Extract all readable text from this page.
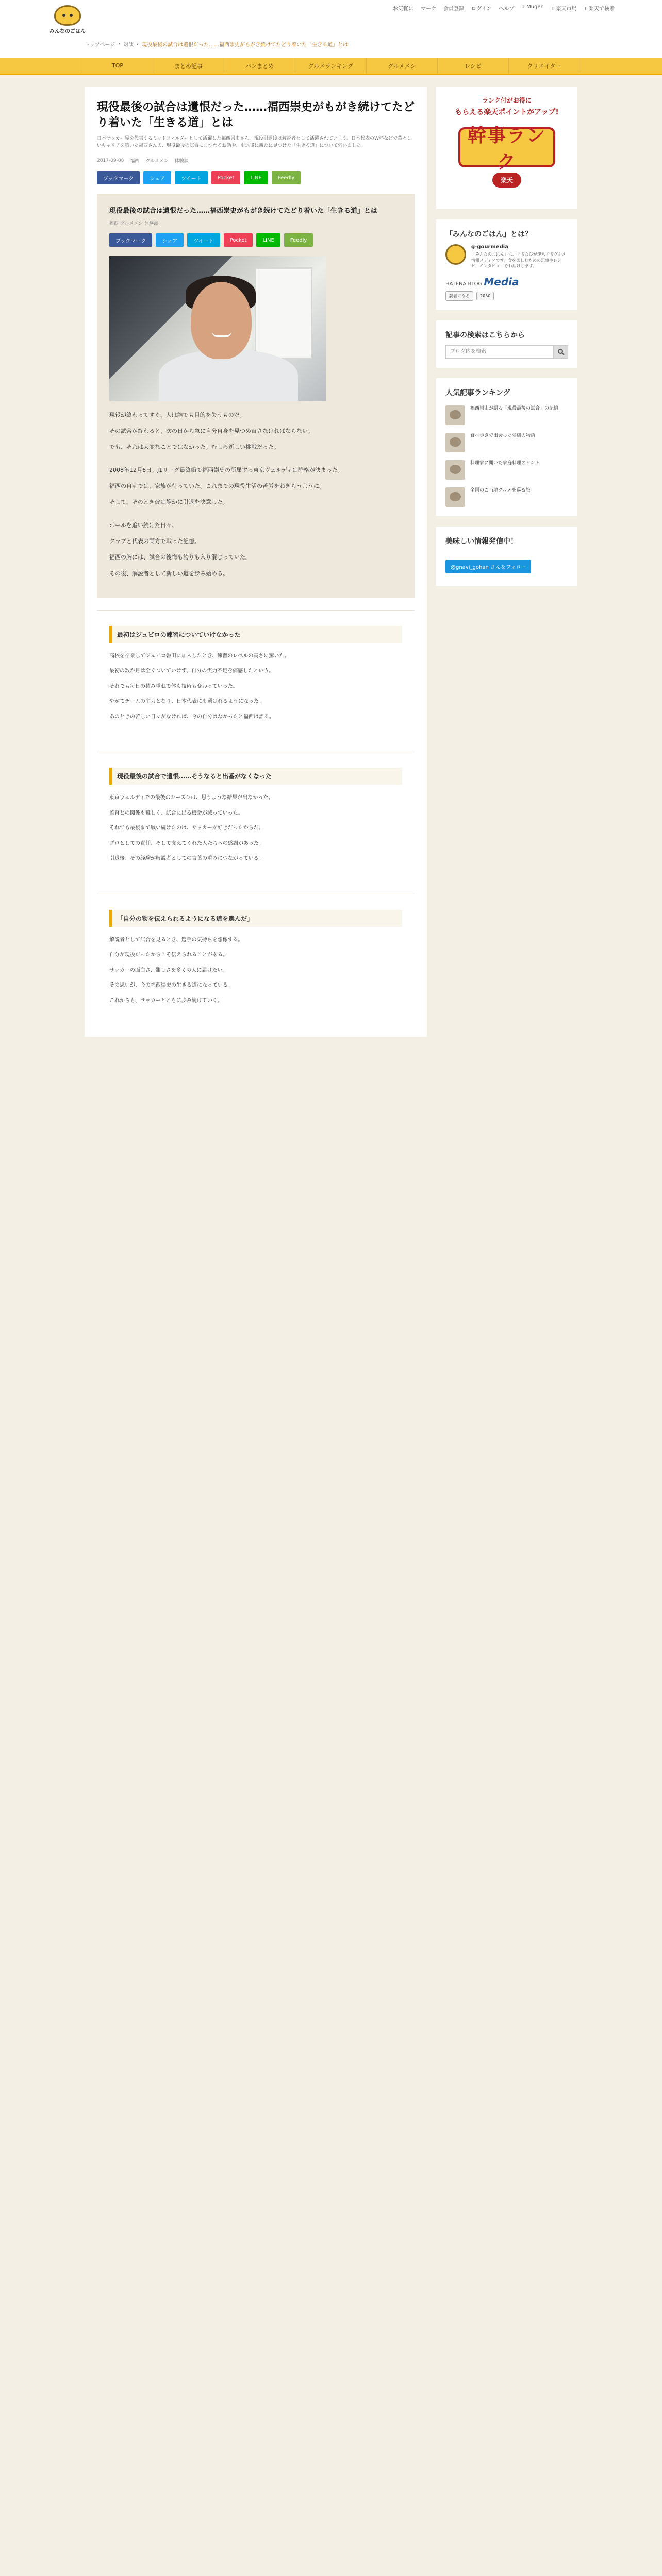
みんなのごはん
お気軽に マーケ 会員登録 ログイン ヘルプ 1 Mugen 1 楽天市場 1 楽天で検索
トップページ › 対談 › 現役最後の試合は遺恨だった……福西崇史がもがき続けてたどり着いた「生きる道」とは
TOP	まとめ記事	パンまとめ	グルメランキング	グルメメシ	レシピ	クリエイター
現役最後の試合は遺恨だった……福西崇史がもがき続けてたどり着いた「生きる道」とは

日本サッカー界を代表するミッドフィルダーとして活躍した福西崇史さん。現役引退後は解説者として活躍されています。日本代表のW杯などで華々しいキャリアを築いた福西さんの、現役最後の試合にまつわるお話や、引退後に新たに見つけた「生きる道」について伺いました。

2017-09-08 福西 グルメメシ 体験談
ブックマーク	シェア	ツイート	Pocket	LINE	Feedly
現役最後の試合は遺恨だった……福西崇史がもがき続けてたどり着いた「生きる道」とは
福西 グルメメシ 体験談
ブックマーク	シェア	ツイート	Pocket	LINE	Feedly

現役が終わってすぐ、人は誰でも目的を失うものだ。

その試合が終わると、次の日から急に自分自身を見つめ直さなければならない。

でも、それは大変なことではなかった。むしろ新しい挑戦だった。

2008年12月6日。J1リーグ最終節で福西崇史の所属する東京ヴェルディは降格が決まった。

福西の自宅では、家族が待っていた。これまでの現役生活の苦労をねぎらうように。

そして、そのとき彼は静かに引退を決意した。

ボールを追い続けた日々。

クラブと代表の両方で戦った記憶。

福西の胸には、試合の後悔も誇りも入り混じっていた。

その後、解説者として新しい道を歩み始める。

最初はジュビロの練習についていけなかった

高校を卒業してジュビロ磐田に加入したとき、練習のレベルの高さに驚いた。

最初の数か月は全くついていけず、自分の実力不足を痛感したという。

それでも毎日の積み重ねで体も技術も変わっていった。

やがてチームの主力となり、日本代表にも選ばれるようになった。

あのときの苦しい日々がなければ、今の自分はなかったと福西は語る。

現役最後の試合で遺恨……そうなると出番がなくなった

東京ヴェルディでの最後のシーズンは、思うような結果が出なかった。

監督との関係も難しく、試合に出る機会が減っていった。

それでも最後まで戦い続けたのは、サッカーが好きだったからだ。

プロとしての責任、そして支えてくれた人たちへの感謝があった。

引退後、その経験が解説者としての言葉の重みにつながっている。

「自分の物を伝えられるようになる道を選んだ」

解説者として試合を見るとき、選手の気持ちを想像する。

自分が現役だったからこそ伝えられることがある。

サッカーの面白さ、難しさを多くの人に届けたい。

その思いが、今の福西崇史の生きる道になっている。

これからも、サッカーとともに歩み続けていく。

ランク付がお得に
もらえる楽天ポイントがアップ!
幹事ランク
楽天
「みんなのごはん」とは？
g-gourmedia
「みんなのごはん」は、ぐるなびが運営するグルメ情報メディアです。食を楽しむための記事やレシピ、インタビューをお届けします。
HATENA BLOG Media
読者になる	2030
記事の検索はこちらから
ブログ内を検索
人気記事ランキング
福西崇史が語る「現役最後の試合」の記憶
食べ歩きで出会った名店の物語
料理家に聞いた家庭料理のヒント
全国のご当地グルメを巡る旅
美味しい情報発信中！
@gnavi_gohan さんをフォロー
